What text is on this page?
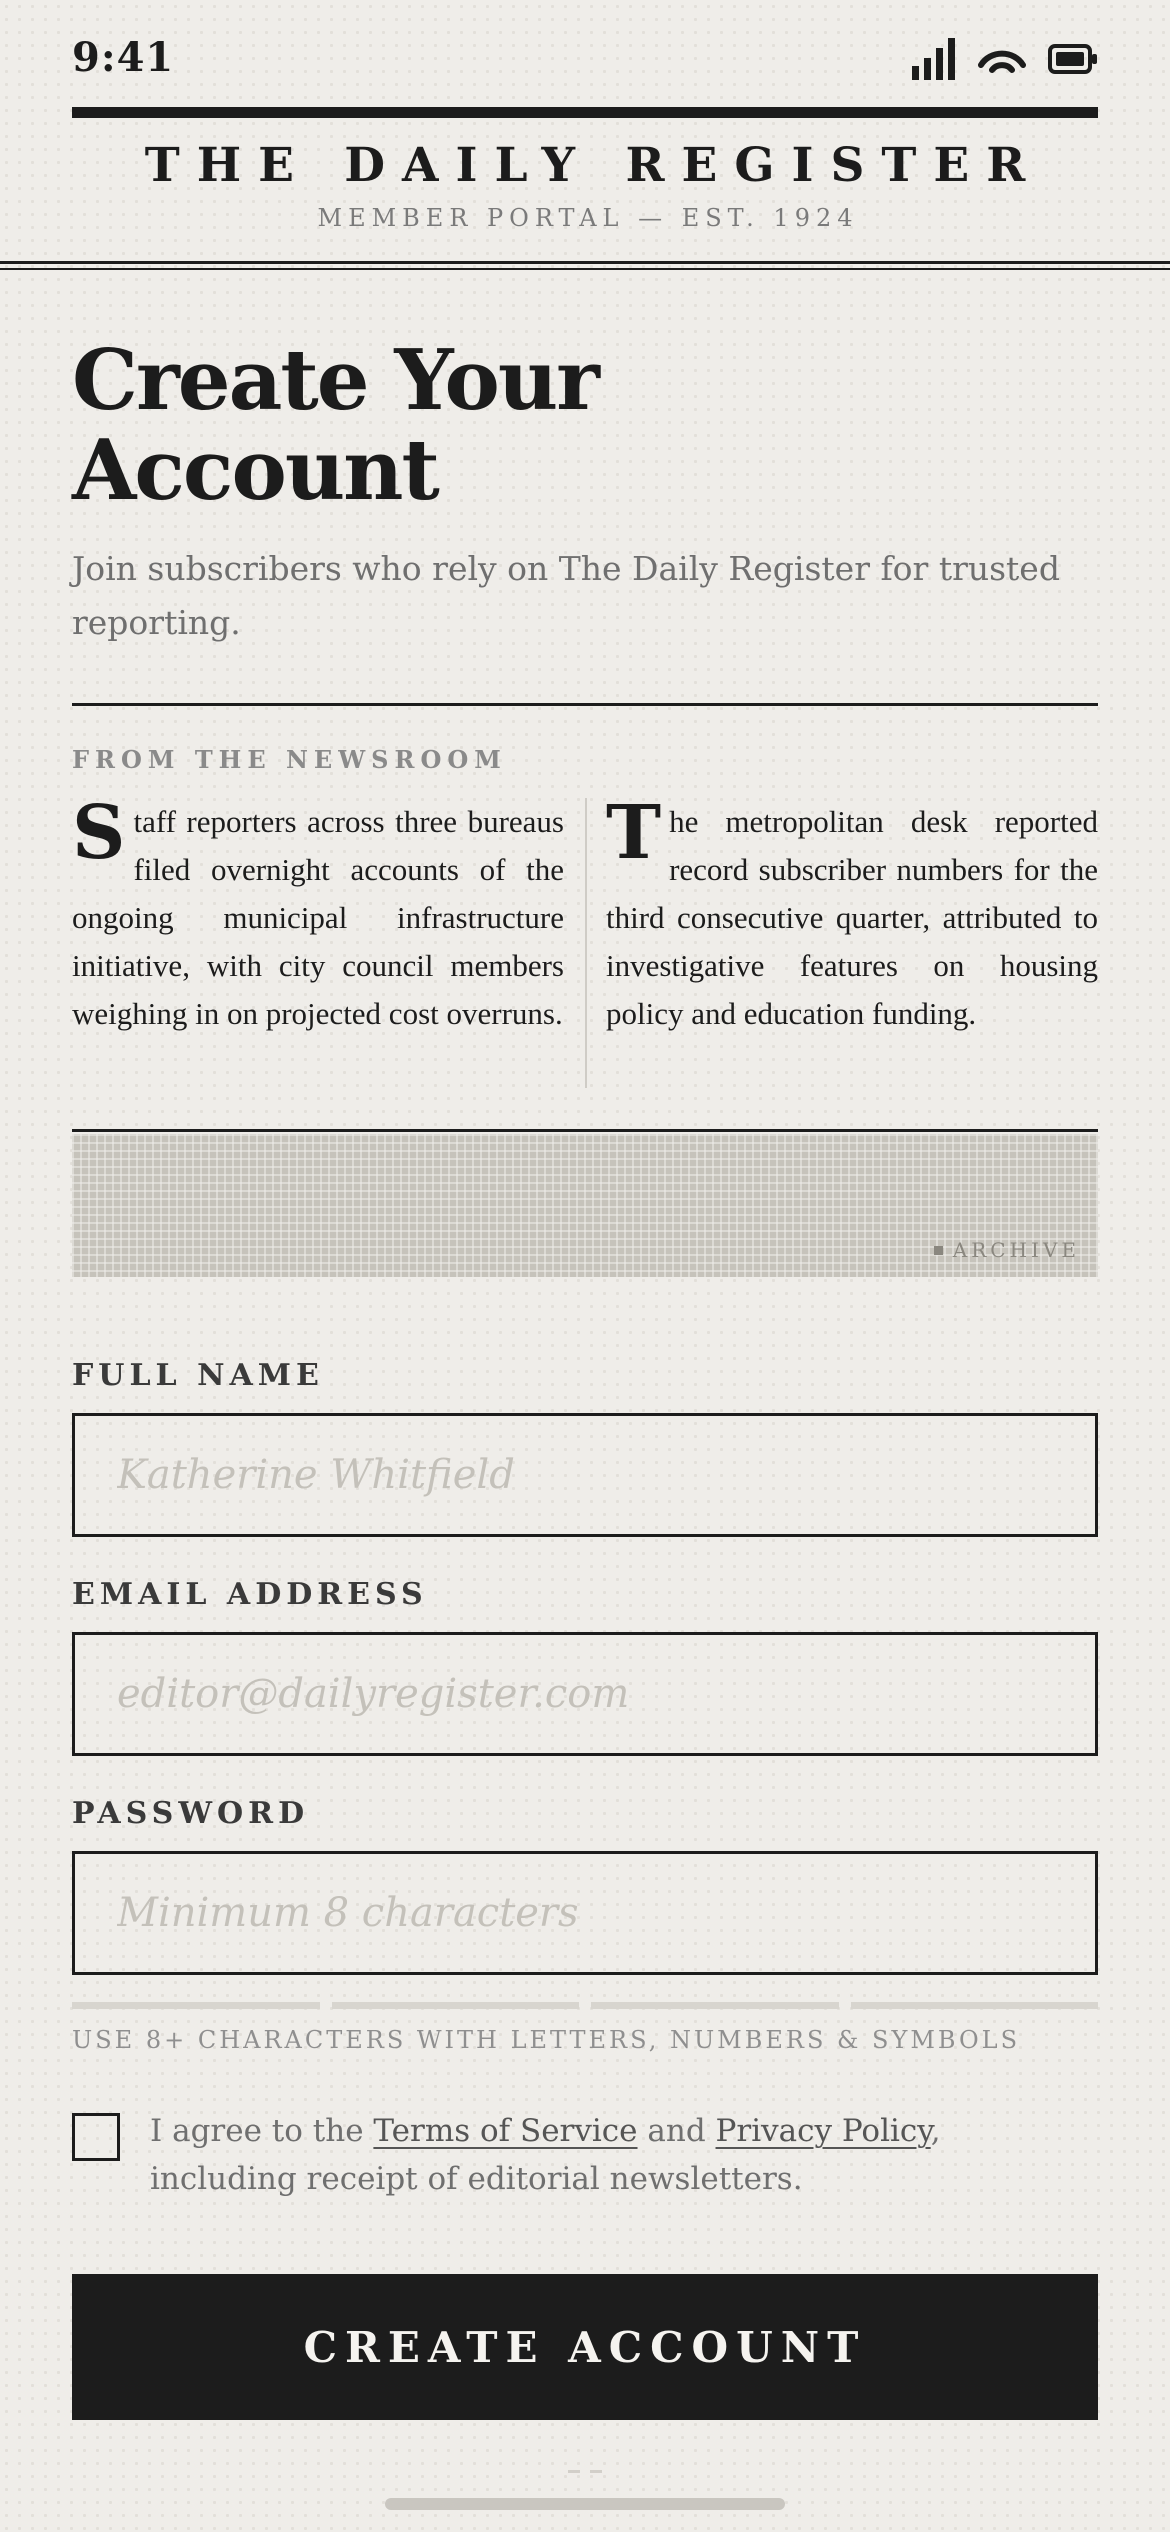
9:41
THE DAILY REGISTER
MEMBER PORTAL — EST. 1924
Create Your
Account
Join subscribers who rely on The Daily Register for trusted reporting.
FROM THE NEWSROOM
Staff reporters across three bureaus filed overnight accounts of the ongoing municipal infrastructure initiative, with city council members weighing in on projected cost overruns.
The metropolitan desk reported record subscriber numbers for the third consecutive quarter, attributed to investigative features on housing policy and education funding.
ARCHIVE
FULL NAME
Katherine Whitfield
EMAIL ADDRESS
editor@dailyregister.com
PASSWORD
USE 8+ CHARACTERS WITH LETTERS, NUMBERS & SYMBOLS
I agree to the Terms of Service and Privacy Policy, including receipt of editorial newsletters.
CREATE ACCOUNT
